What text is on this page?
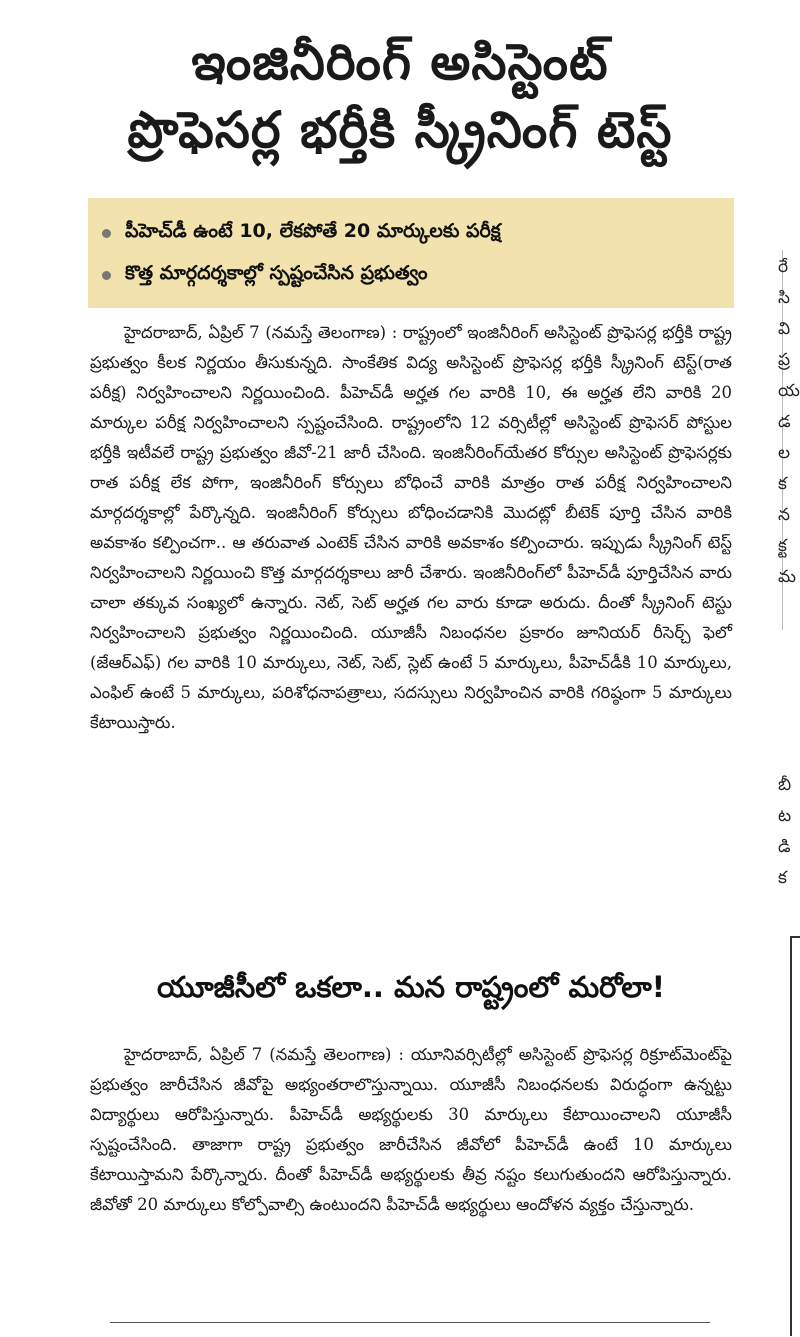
ఇంజినీరింగ్ అసిస్టెంట్
ప్రొఫెసర్ల భర్తీకి స్క్రీనింగ్ టెస్ట్
పీహెచ్‌డీ ఉంటే 10, లేకపోతే 20 మార్కులకు పరీక్ష
కొత్త మార్గదర్శకాల్లో స్పష్టంచేసిన ప్రభుత్వం
హైదరాబాద్, ఏప్రిల్ 7 (నమస్తే తెలంగాణ) : రాష్ట్రంలో ఇంజినీరింగ్ అసిస్టెంట్ ప్రొఫెసర్ల భర్తీకి రాష్ట్ర ప్రభుత్వం కీలక నిర్ణయం తీసుకున్నది. సాంకేతిక విద్య అసిస్టెంట్ ప్రొఫెసర్ల భర్తీకి స్క్రీనింగ్ టెస్ట్(రాత పరీక్ష) నిర్వహించాలని నిర్ణయించింది. పీహెచ్‌డీ అర్హత గల వారికి 10, ఈ అర్హత లేని వారికి 20 మార్కుల పరీక్ష నిర్వహించాలని స్పష్టంచేసింది. రాష్ట్రంలోని 12 వర్సిటీల్లో అసిస్టెంట్ ప్రొఫెసర్ పోస్టుల భర్తీకి ఇటీవలే రాష్ట్ర ప్రభుత్వం జీవో-21 జారీ చేసింది. ఇంజినీరింగ్‌యేతర కోర్సుల అసిస్టెంట్ ప్రొఫెసర్లకు రాత పరీక్ష లేక పోగా, ఇంజినీరింగ్ కోర్సులు బోధించే వారికి మాత్రం రాత పరీక్ష నిర్వహించాలని మార్గదర్శకాల్లో పేర్కొన్నది. ఇంజినీరింగ్ కోర్సులు బోధించడానికి మొదట్లో బీటెక్ పూర్తి చేసిన వారికి అవకాశం కల్పించగా.. ఆ తరువాత ఎంటెక్ చేసిన వారికి అవకాశం కల్పించారు. ఇప్పుడు స్క్రీనింగ్ టెస్ట్ నిర్వహించాలని నిర్ణయించి కొత్త మార్గదర్శకాలు జారీ చేశారు. ఇంజినీరింగ్‌లో పీహెచ్‌డీ పూర్తిచేసిన వారు చాలా తక్కువ సంఖ్యలో ఉన్నారు. నెట్, సెట్ అర్హత గల వారు కూడా అరుదు. దీంతో స్క్రీనింగ్ టెస్టు నిర్వహించాలని ప్రభుత్వం నిర్ణయించింది. యూజీసీ నిబంధనల ప్రకారం జూనియర్ రీసెర్చ్ ఫెలో (జేఆర్‌ఎఫ్) గల వారికి 10 మార్కులు, నెట్, సెట్, స్లెట్ ఉంటే 5 మార్కులు, పీహెచ్‌డీకి 10 మార్కులు, ఎంఫిల్ ఉంటే 5 మార్కులు, పరిశోధనాపత్రాలు, సదస్సులు నిర్వహించిన వారికి గరిష్ఠంగా 5 మార్కులు కేటాయిస్తారు.
యూజీసీలో ఒకలా.. మన రాష్ట్రంలో మరోలా!
హైదరాబాద్, ఏప్రిల్ 7 (నమస్తే తెలంగాణ) : యూనివర్సిటీల్లో అసిస్టెంట్ ప్రొఫెసర్ల రిక్రూట్‌మెంట్‌పై ప్రభుత్వం జారీచేసిన జీవోపై అభ్యంతరాలొస్తున్నాయి. యూజీసీ నిబంధనలకు విరుద్ధంగా ఉన్నట్టు విద్యార్థులు ఆరోపిస్తున్నారు. పీహెచ్‌డీ అభ్యర్థులకు 30 మార్కులు కేటాయించాలని యూజీసీ స్పష్టంచేసింది. తాజాగా రాష్ట్ర ప్రభుత్వం జారీచేసిన జీవోలో పీహెచ్‌డీ ఉంటే 10 మార్కులు కేటాయిస్తామని పేర్కొన్నారు. దీంతో పీహెచ్‌డీ అభ్యర్థులకు తీవ్ర నష్టం కలుగుతుందని ఆరోపిస్తున్నారు. జీవోతో 20 మార్కులు కోల్పోవాల్సి ఉంటుందని పీహెచ్‌డీ అభ్యర్థులు ఆందోళన వ్యక్తం చేస్తున్నారు.
రే సి వి ప్ర య డ ల క న క్ట మ
బీ ట డి క
